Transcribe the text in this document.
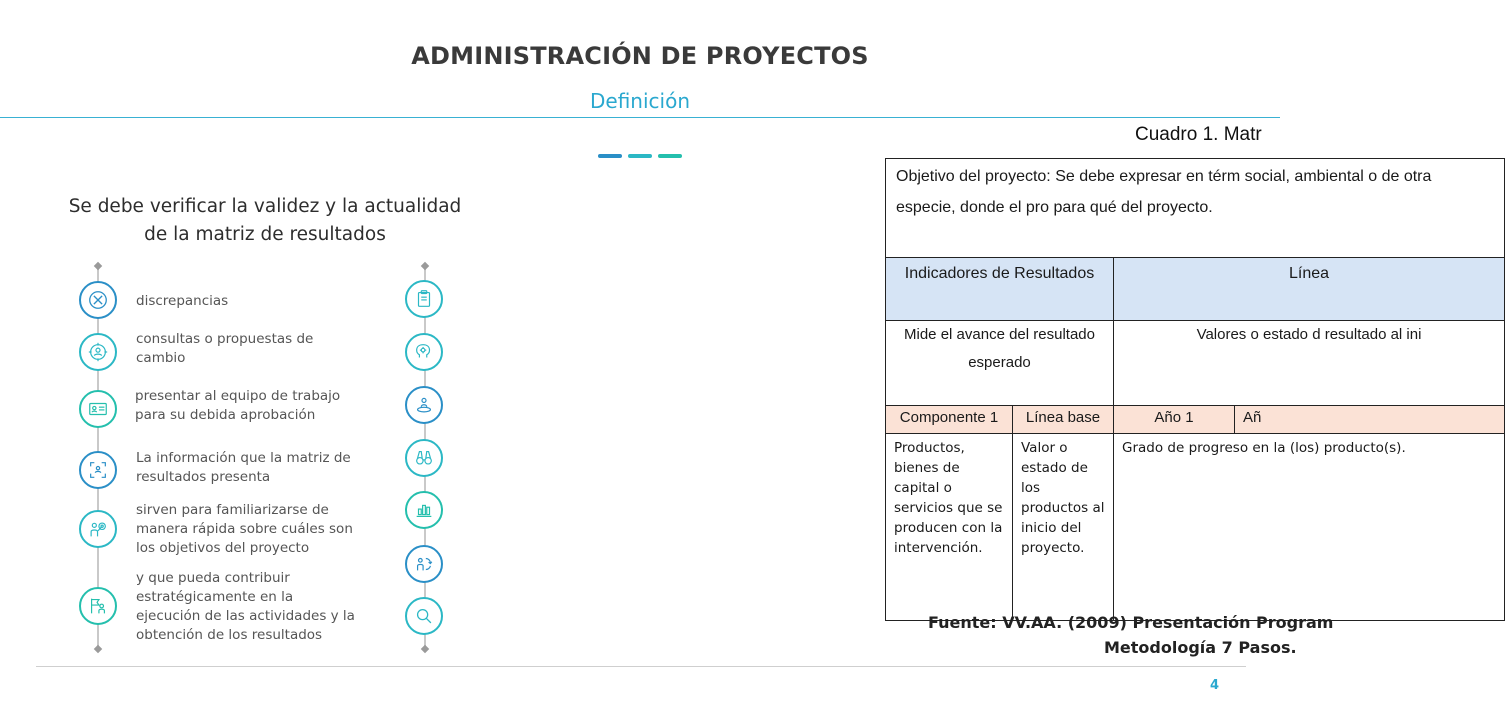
ADMINISTRACIÓN DE PROYECTOS
Definición
Se debe verificar la validez y la actualidad
de la matriz de resultados
discrepancias
consultas o propuestas de cambio
presentar al equipo de trabajo para su debida aprobación
La información que la matriz de resultados presenta
sirven para familiarizarse de manera rápida sobre cuáles son los objetivos del proyecto
y que pueda contribuir estratégicamente en la ejecución de las actividades y la obtención de los resultados
Cuadro 1. Matr
Objetivo del proyecto: Se debe expresar en térm social, ambiental o de otra especie, donde el pro para qué del proyecto.			
Indicadores de Resultados		Línea	
Mide el avance del resultado esperado		Valores o estado d resultado al ini	
Componente 1	Línea base	Año 1	Añ
Productos, bienes de capital o servicios que se producen con la intervención.	Valor o estado de los productos al inicio del proyecto.	Grado de progreso en la (los) producto(s).	
Fuente: VV.AA. (2009) Presentación Program
Metodología 7 Pasos.
4
